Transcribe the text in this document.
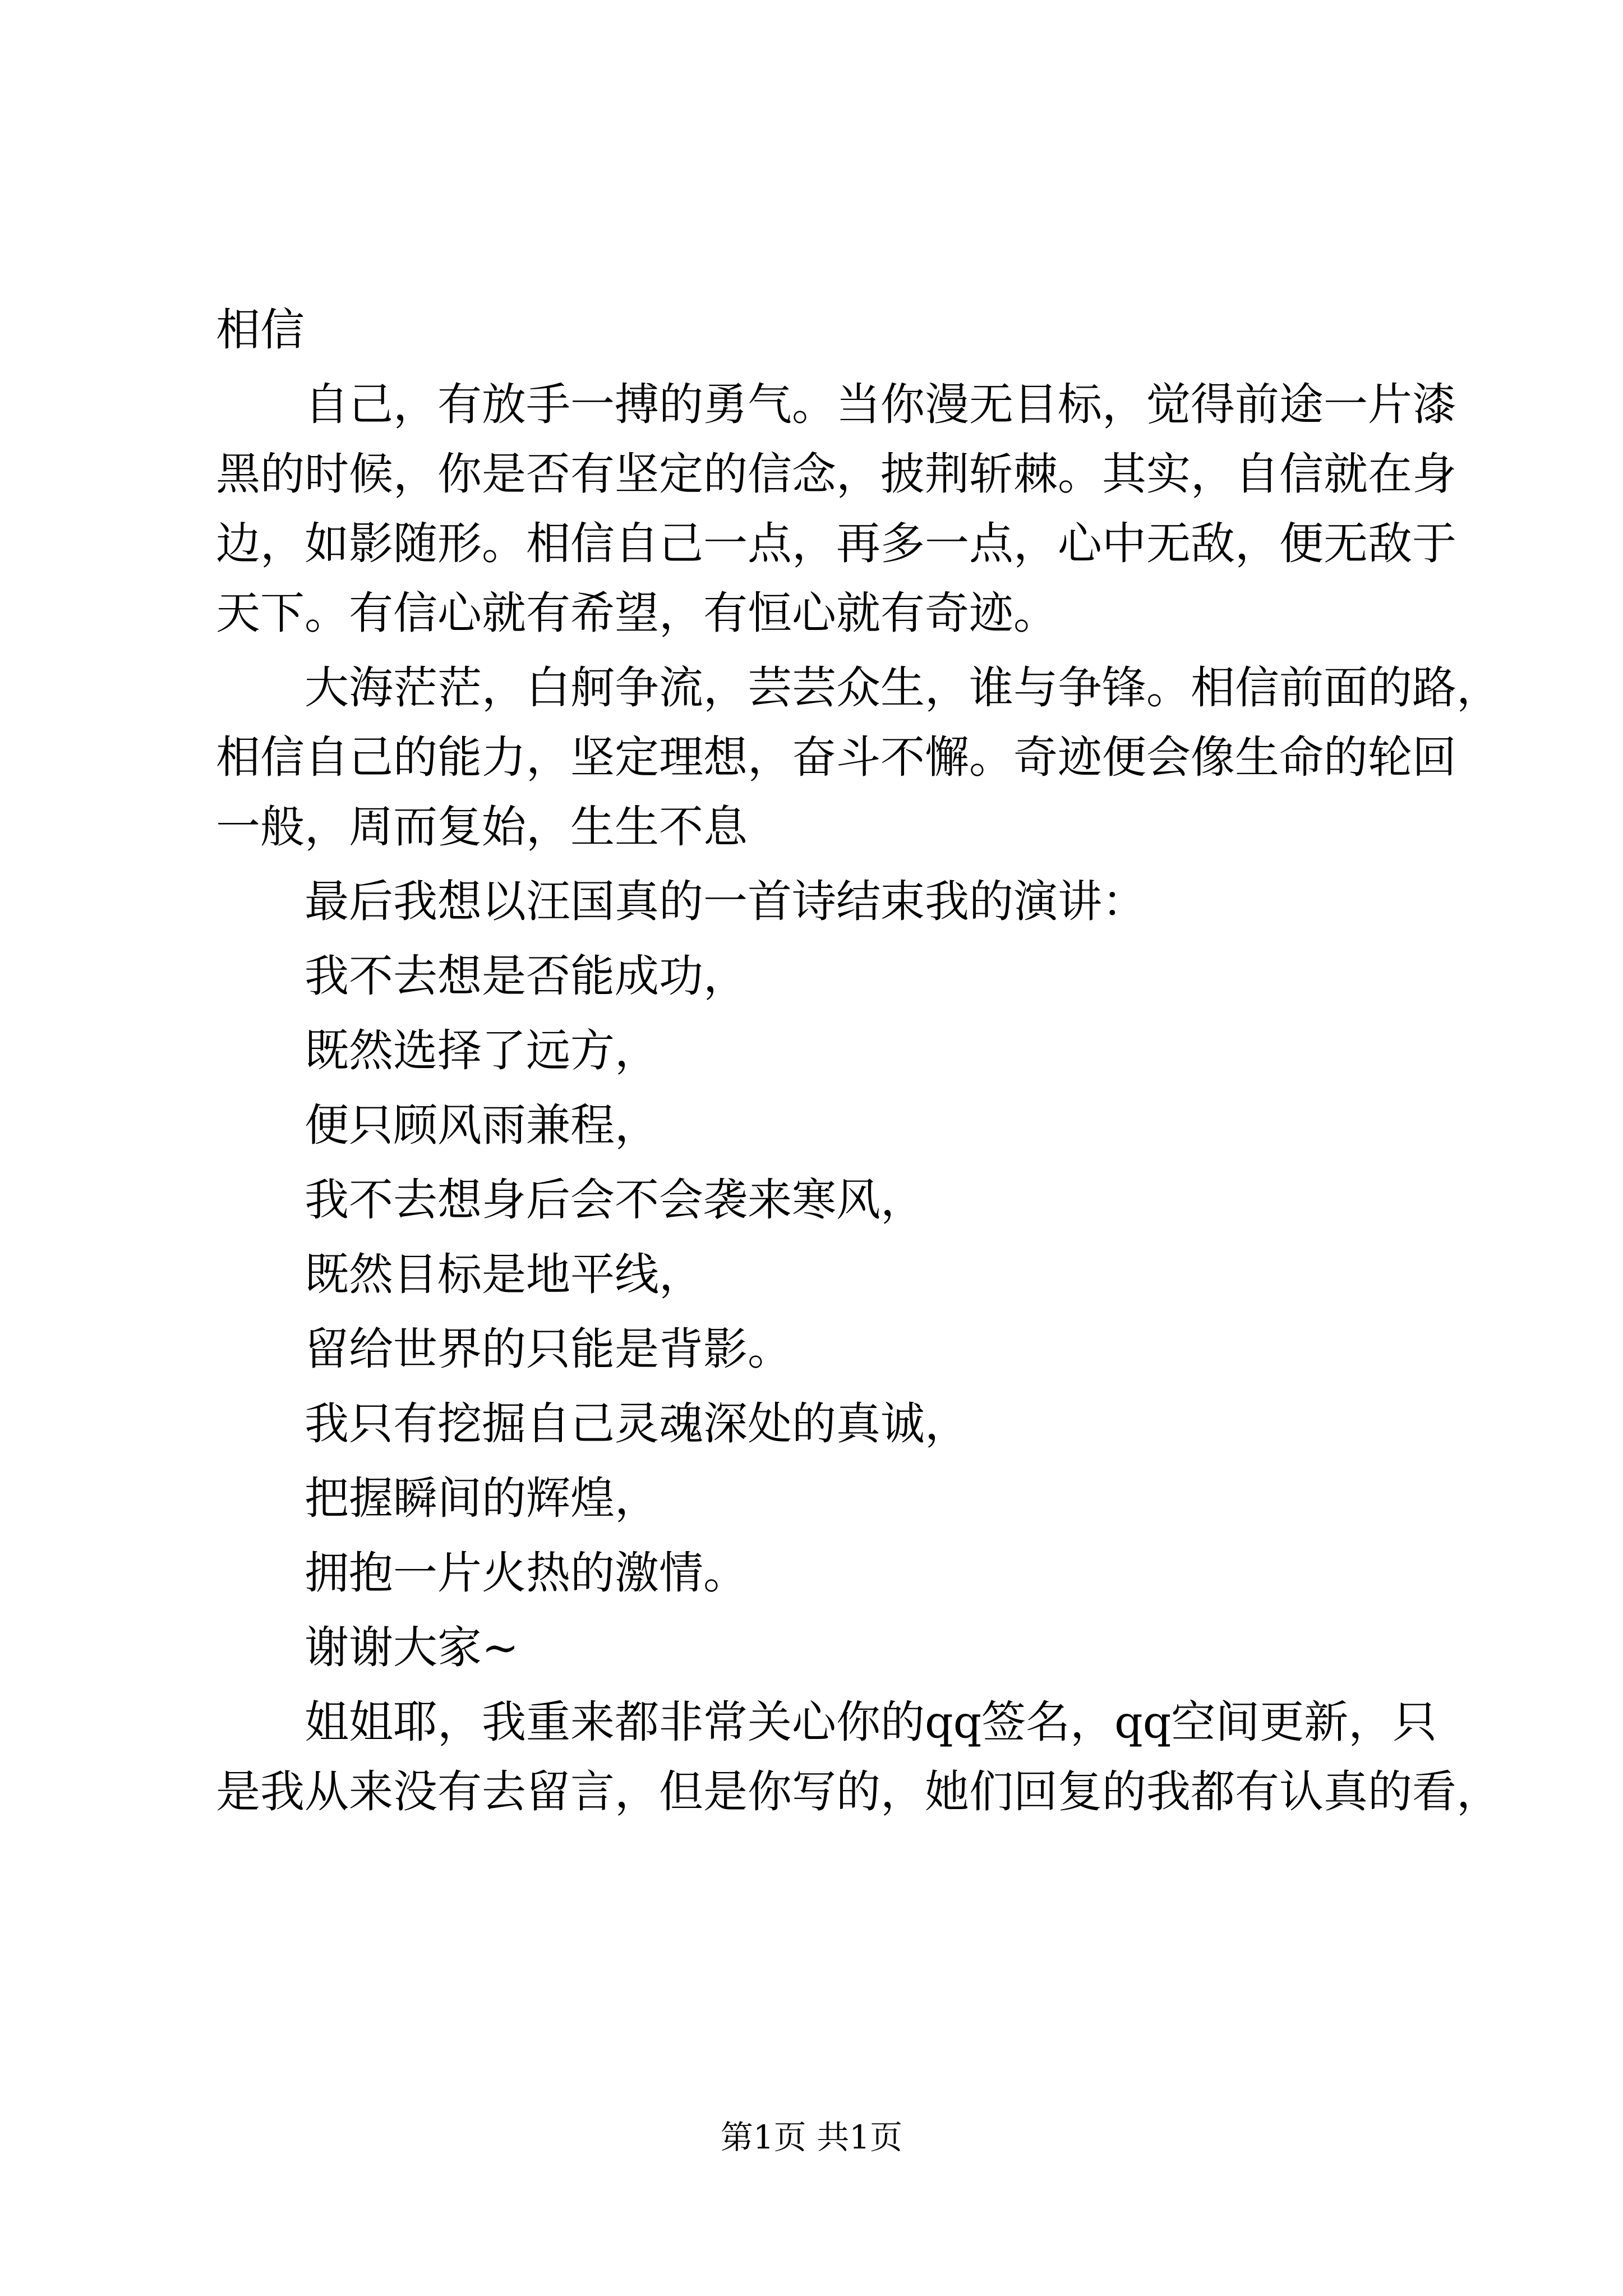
相信

自己，有放手一搏的勇气。当你漫无目标，觉得前途一片漆

黑的时候，你是否有坚定的信念，披荆斩棘。其实，自信就在身

边，如影随形。相信自己一点，再多一点，心中无敌，便无敌于

天下。有信心就有希望，有恒心就有奇迹。

大海茫茫，白舸争流，芸芸众生，谁与争锋。相信前面的路，

相信自己的能力，坚定理想，奋斗不懈。奇迹便会像生命的轮回

一般，周而复始，生生不息

最后我想以汪国真的一首诗结束我的演讲：

我不去想是否能成功，

既然选择了远方，

便只顾风雨兼程，

我不去想身后会不会袭来寒风，

既然目标是地平线，

留给世界的只能是背影。

我只有挖掘自己灵魂深处的真诚，

把握瞬间的辉煌，

拥抱一片火热的激情。

谢谢大家~

姐姐耶，我重来都非常关心你的qq签名，qq空间更新，只

是我从来没有去留言，但是你写的，她们回复的我都有认真的看，

第1页 共1页
